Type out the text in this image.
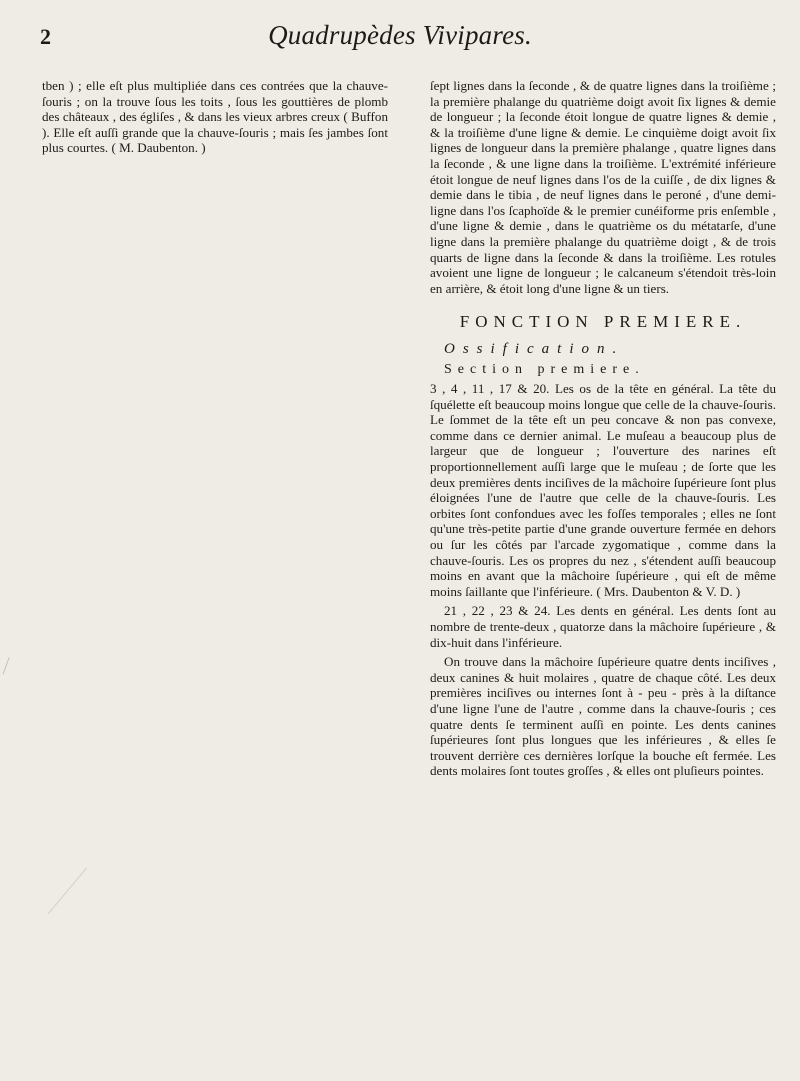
2	Quadrupèdes Vivipares.

tben ) ; elle eſt plus multipliée dans ces contrées que la chauve-ſouris ; on la trouve ſous les toits , ſous les gouttières de plomb des châteaux , des égliſes , & dans les vieux arbres creux ( Buffon ). Elle eſt auſſi grande que la chauve-ſouris ; mais ſes jambes ſont plus courtes. ( M. Daubenton. )

ſept lignes dans la ſeconde , & de quatre lignes dans la troiſième ; la première phalange du quatrième doigt avoit ſix lignes & demie de longueur ; la ſeconde étoit longue de quatre lignes & demie , & la troiſième d'une ligne & demie. Le cinquième doigt avoit ſix lignes de longueur dans la première phalange , quatre lignes dans la ſeconde , & une ligne dans la troiſième. L'extrémité inférieure étoit longue de neuf lignes dans l'os de la cuiſſe , de dix lignes & demie dans le tibia , de neuf lignes dans le peroné , d'une demi-ligne dans l'os ſcaphoïde & le premier cunéiforme pris enſemble , d'une ligne & demie , dans le quatrième os du métatarſe, d'une ligne dans la première phalange du quatrième doigt , & de trois quarts de ligne dans la ſeconde & dans la troiſième. Les rotules avoient une ligne de longueur ; le calcaneum s'étendoit très-loin en arrière, & étoit long d'une ligne & un tiers.

FONCTION PREMIERE.

Ossification.

Section premiere.

3 , 4 , 11 , 17 & 20. Les os de la tête en général. La tête du ſquélette eſt beaucoup moins longue que celle de la chauve-ſouris. Le ſommet de la tête eſt un peu concave & non pas convexe, comme dans ce dernier animal. Le muſeau a beaucoup plus de largeur que de longueur ; l'ouverture des narines eſt proportionnellement auſſi large que le muſeau ; de ſorte que les deux premières dents inciſives de la mâchoire ſupérieure ſont plus éloignées l'une de l'autre que celle de la chauve-ſouris. Les orbites ſont confondues avec les foſſes temporales ; elles ne ſont qu'une très-petite partie d'une grande ouverture fermée en dehors ou ſur les côtés par l'arcade zygomatique , comme dans la chauve-ſouris. Les os propres du nez , s'étendent auſſi beaucoup moins en avant que la mâchoire ſupérieure , qui eſt de même moins ſaillante que l'inférieure. ( Mrs. Daubenton & V. D. )

21 , 22 , 23 & 24. Les dents en général. Les dents ſont au nombre de trente-deux , quatorze dans la mâchoire ſupérieure , & dix-huit dans l'inférieure.

On trouve dans la mâchoire ſupérieure quatre dents inciſives , deux canines & huit molaires , quatre de chaque côté. Les deux premières inciſives ou internes ſont à - peu - près à la diſtance d'une ligne l'une de l'autre , comme dans la chauve-ſouris ; ces quatre dents ſe terminent auſſi en pointe. Les dents canines ſupérieures ſont plus longues que les inférieures , & elles ſe trouvent derrière ces dernières lorſque la bouche eſt fermée. Les dents molaires ſont toutes groſſes , & elles ont pluſieurs pointes.
